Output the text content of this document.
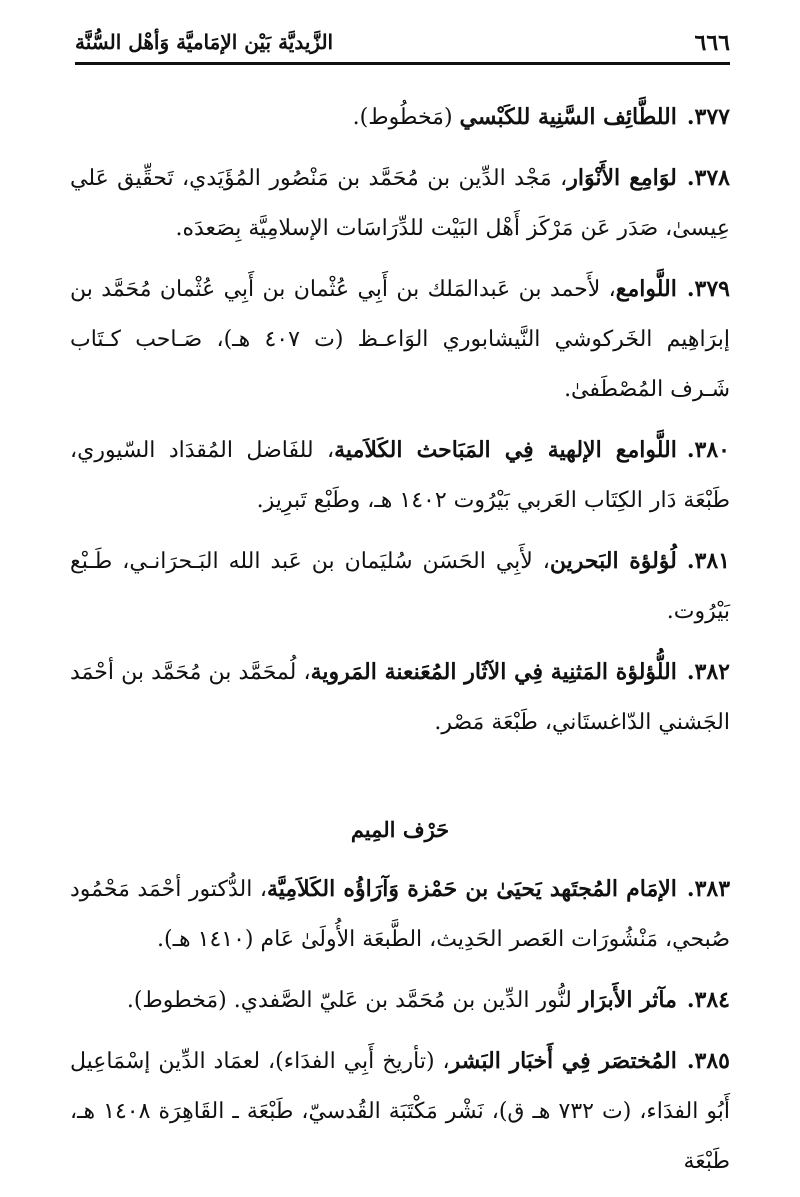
الزَّيديَّة بَيْن الإمَاميَّة وَأهْل السُّنَّة	٦٦٦

٣٧٧.اللطَّائِف السَّنِية للكَبْسي (مَخطُوط).

٣٧٨.لوَامِع الأَنْوَار، مَجْد الدِّين بن مُحَمَّد بن مَنْصُور المُؤَيَدي، تَحقِّيق عَلي عِيسىٰ، صَدَر عَن مَرْكَز أَهْل البَيْت للدِّرَاسَات الإسلامِيَّة بِصَعدَه.

٣٧٩.اللَّوامع، لأَحمد بن عَبدالمَلك بن أَبِي عُثْمان بن أَبِي عُثْمان مُحَمَّد بن إبرَاهِيم الخَركوشي النَّيشابوري الوَاعـظ (ت ٤٠٧ هـ)، صَـاحب كـتَاب شَـرف المُصْطَفىٰ.

٣٨٠.اللَّوامع الإلهية فِي المَبَاحث الكَلاَمية، للفَاضل المُقدَاد السّيوري، طَبْعَة دَار الكِتَاب العَربي بَيْرُوت ١٤٠٢ هـ، وطَبْع تَبرِيز.

٣٨١.لُؤلؤة البَحرين، لأَبِي الحَسَن سُليَمان بن عَبد الله البَـحرَانـي، طَـبْع بَيْرُوت.

٣٨٢.اللُّؤلؤة المَثنِية فِي الآثَار المُعَنعنة المَروية، لُمحَمَّد بن مُحَمَّد بن أحْمَد الجَشني الدّاغستَاني، طَبْعَة مَصْر.

حَرْف المِيم

٣٨٣.الإمَام المُجتَهد يَحيَىٰ بن حَمْزة وَآرَاؤُه الكَلاَمِيَّة، الدُّكتور أحْمَد مَحْمُود صُبحي، مَنْشُورَات العَصر الحَدِيث، الطَّبعَة الأُولَىٰ عَام (١٤١٠ هـ).

٣٨٤.مآثر الأَبرَار لنُّور الدِّين بن مُحَمَّد بن عَليّ الصَّفدي. (مَخطوط).

٣٨٥.المُختصَر فِي أَخبَار البَشر، (تأريخ أَبِي الفدَاء)، لعمَاد الدِّين إسْمَاعِيل أَبُو الفدَاء، (ت ٧٣٢ هـ ق)، نَشْر مَكْتَبَة القُدسيّ، طَبْعَة ـ القَاهِرَة ١٤٠٨ هـ، طَبْعَة
